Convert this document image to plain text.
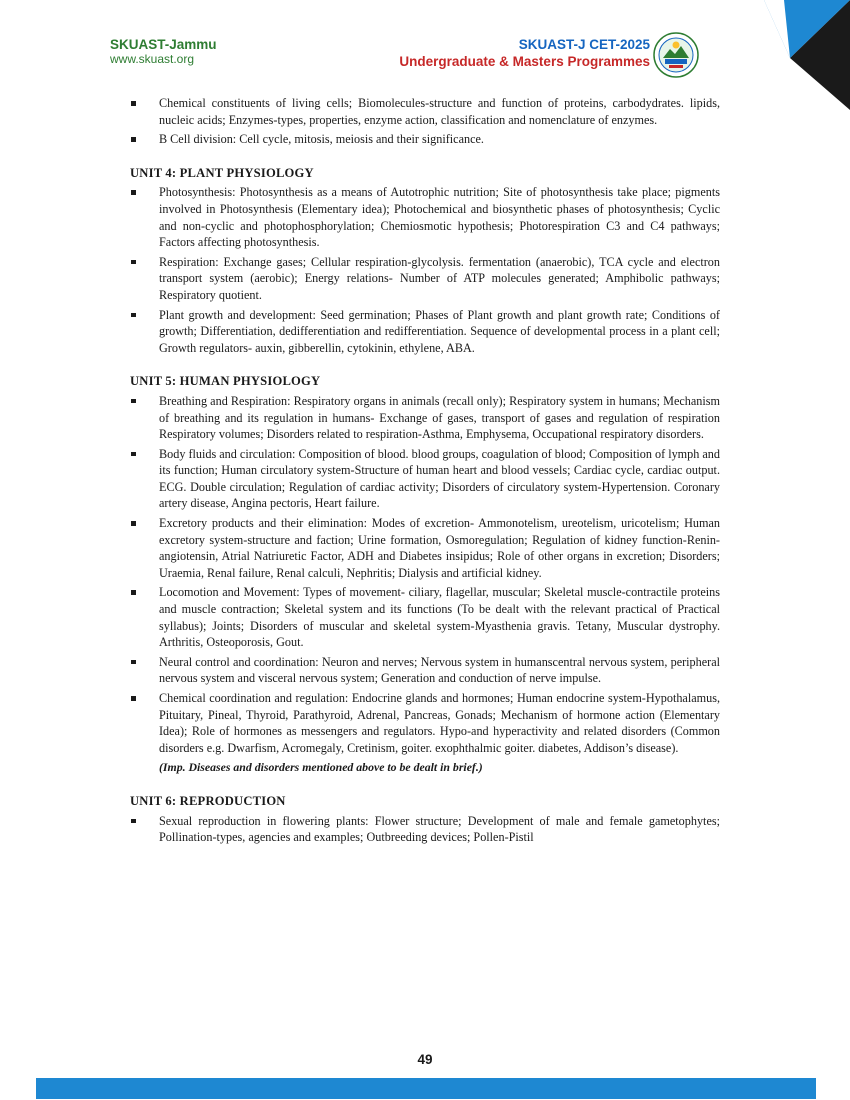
SKUAST-Jammu
www.skuast.org
SKUAST-J CET-2025
Undergraduate & Masters Programmes
Chemical constituents of living cells; Biomolecules-structure and function of proteins, carbodydrates. lipids, nucleic acids; Enzymes-types, properties, enzyme action, classification and nomenclature of enzymes.
B Cell division: Cell cycle, mitosis, meiosis and their significance.
UNIT 4: PLANT PHYSIOLOGY
Photosynthesis: Photosynthesis as a means of Autotrophic nutrition; Site of photosynthesis take place; pigments involved in Photosynthesis (Elementary idea); Photochemical and biosynthetic phases of photosynthesis; Cyclic and non-cyclic and photophosphorylation; Chemiosmotic hypothesis; Photorespiration C3 and C4 pathways; Factors affecting photosynthesis.
Respiration: Exchange gases; Cellular respiration-glycolysis. fermentation (anaerobic), TCA cycle and electron transport system (aerobic); Energy relations- Number of ATP molecules generated; Amphibolic pathways; Respiratory quotient.
Plant growth and development: Seed germination; Phases of Plant growth and plant growth rate; Conditions of growth; Differentiation, dedifferentiation and redifferentiation. Sequence of developmental process in a plant cell; Growth regulators- auxin, gibberellin, cytokinin, ethylene, ABA.
UNIT 5: HUMAN PHYSIOLOGY
Breathing and Respiration: Respiratory organs in animals (recall only); Respiratory system in humans; Mechanism of breathing and its regulation in humans- Exchange of gases, transport of gases and regulation of respiration Respiratory volumes; Disorders related to respiration-Asthma, Emphysema, Occupational respiratory disorders.
Body fluids and circulation: Composition of blood. blood groups, coagulation of blood; Composition of lymph and its function; Human circulatory system-Structure of human heart and blood vessels; Cardiac cycle, cardiac output. ECG. Double circulation; Regulation of cardiac activity; Disorders of circulatory system-Hypertension. Coronary artery disease, Angina pectoris, Heart failure.
Excretory products and their elimination: Modes of excretion- Ammonotelism, ureotelism, uricotelism; Human excretory system-structure and faction; Urine formation, Osmoregulation; Regulation of kidney function-Renin-angiotensin, Atrial Natriuretic Factor, ADH and Diabetes insipidus; Role of other organs in excretion; Disorders; Uraemia, Renal failure, Renal calculi, Nephritis; Dialysis and artificial kidney.
Locomotion and Movement: Types of movement- ciliary, flagellar, muscular; Skeletal muscle-contractile proteins and muscle contraction; Skeletal system and its functions (To be dealt with the relevant practical of Practical syllabus); Joints; Disorders of muscular and skeletal system-Myasthenia gravis. Tetany, Muscular dystrophy. Arthritis, Osteoporosis, Gout.
Neural control and coordination: Neuron and nerves; Nervous system in humanscentral nervous system, peripheral nervous system and visceral nervous system; Generation and conduction of nerve impulse.
Chemical coordination and regulation: Endocrine glands and hormones; Human endocrine system-Hypothalamus, Pituitary, Pineal, Thyroid, Parathyroid, Adrenal, Pancreas, Gonads; Mechanism of hormone action (Elementary Idea); Role of hormones as messengers and regulators. Hypo-and hyperactivity and related disorders (Common disorders e.g. Dwarfism, Acromegaly, Cretinism, goiter. exophthalmic goiter. diabetes, Addison’s disease).
(Imp. Diseases and disorders mentioned above to be dealt in brief.)
UNIT 6: REPRODUCTION
Sexual reproduction in flowering plants: Flower structure; Development of male and female gametophytes; Pollination-types, agencies and examples; Outbreeding devices; Pollen-Pistil
49
